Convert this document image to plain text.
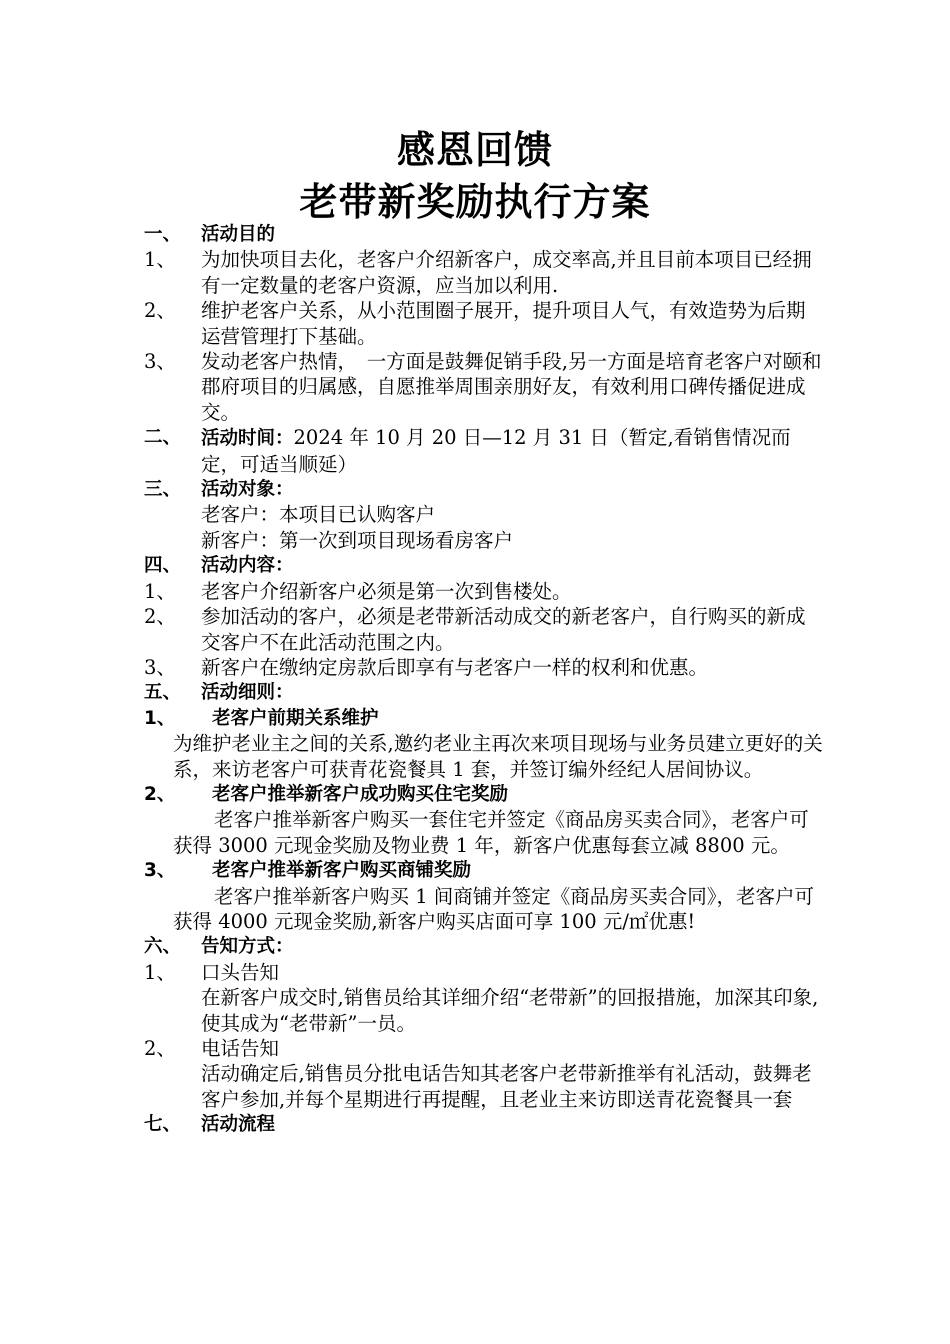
感恩回馈
老带新奖励执行方案
一、	活动目的
1、	为加快项目去化，老客户介绍新客户，成交率高,并且目前本项目已经拥有一定数量的老客户资源，应当加以利用.
2、	维护老客户关系，从小范围圈子展开，提升项目人气，有效造势为后期运营管理打下基础。
3、	发动老客户热情，　一方面是鼓舞促销手段,另一方面是培育老客户对颐和郡府项目的归属感，自愿推举周围亲朋好友，有效利用口碑传播促进成交。
二、	活动时间：2024 年 10 月 20 日—12 月 31 日（暂定,看销售情况而定，可适当顺延）
三、	活动对象：
老客户：本项目已认购客户
新客户：第一次到项目现场看房客户
四、	活动内容：
1、	老客户介绍新客户必须是第一次到售楼处。
2、	参加活动的客户，必须是老带新活动成交的新老客户，自行购买的新成交客户不在此活动范围之内。
3、	新客户在缴纳定房款后即享有与老客户一样的权利和优惠。
五、	活动细则：
1、	老客户前期关系维护
为维护老业主之间的关系,邀约老业主再次来项目现场与业务员建立更好的关系，来访老客户可获青花瓷餐具 1 套，并签订编外经纪人居间协议。
2、	老客户推举新客户成功购买住宅奖励
老客户推举新客户购买一套住宅并签定《商品房买卖合同》，老客户可获得 3000 元现金奖励及物业费 1 年，新客户优惠每套立减 8800 元。
3、	老客户推举新客户购买商铺奖励
老客户推举新客户购买 1 间商铺并签定《商品房买卖合同》，老客户可获得 4000 元现金奖励,新客户购买店面可享 100 元/㎡优惠!
六、	告知方式：
1、	口头告知
在新客户成交时,销售员给其详细介绍“老带新”的回报措施，加深其印象,使其成为“老带新”一员。
2、	电话告知
活动确定后,销售员分批电话告知其老客户老带新推举有礼活动，鼓舞老客户参加,并每个星期进行再提醒，且老业主来访即送青花瓷餐具一套
七、	活动流程
